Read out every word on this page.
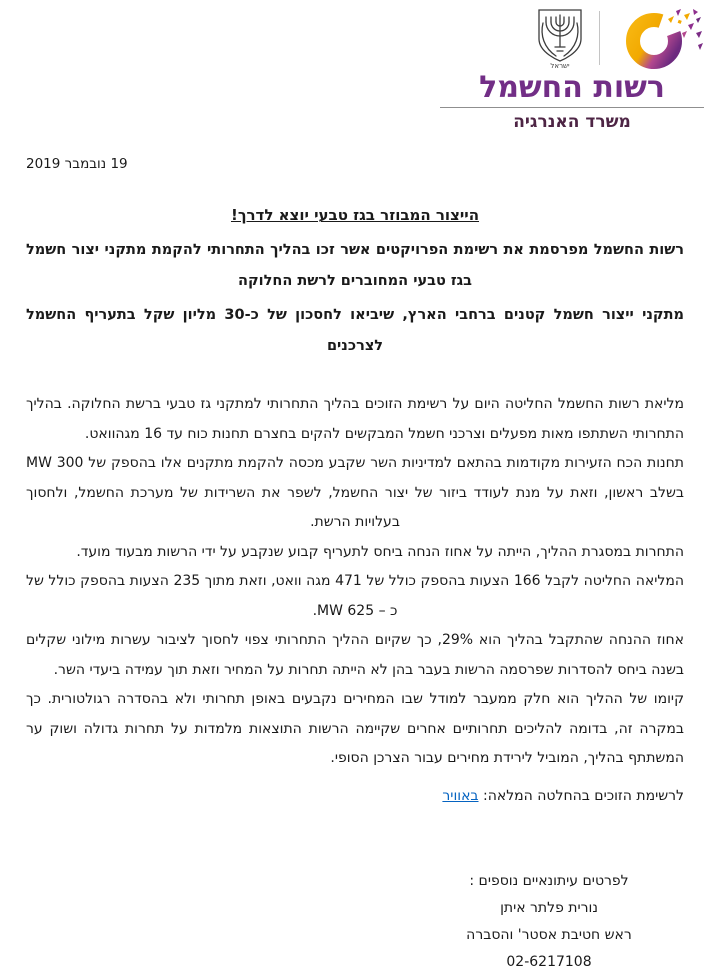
ישראל
רשות החשמל
משרד האנרגיה
19 נובמבר 2019
הייצור המבוזר בגז טבעי יוצא לדרך!

רשות החשמל מפרסמת את רשימת הפרויקטים אשר זכו בהליך התחרותי להקמת מתקני יצור חשמל בגז טבעי המחוברים לרשת החלוקה

מתקני ייצור חשמל קטנים ברחבי הארץ, שיביאו לחסכון של כ-30 מליון שקל בתעריף החשמל לצרכנים

מליאת רשות החשמל החליטה היום על רשימת הזוכים בהליך התחרותי למתקני גז טבעי ברשת החלוקה. בהליך התחרותי השתתפו מאות מפעלים וצרכני חשמל המבקשים להקים בחצרם תחנות כוח עד 16 מגהוואט.

תחנות הכח הזעירות מקודמות בהתאם למדיניות השר שקבע מכסה להקמת מתקנים אלו בהספק של 300 MW בשלב ראשון, וזאת על מנת לעודד ביזור של יצור החשמל, לשפר את השרידות של מערכת החשמל, ולחסוך בעלויות הרשת.

התחרות במסגרת ההליך, הייתה על אחוז הנחה ביחס לתעריף קבוע שנקבע על ידי הרשות מבעוד מועד.

המליאה החליטה לקבל 166 הצעות בהספק כולל של 471 מגה וואט, וזאת מתוך 235 הצעות בהספק כולל של כ – 625 MW.

אחוז ההנחה שהתקבל בהליך הוא 29%, כך שקיום ההליך התחרותי צפוי לחסוך לציבור עשרות מילוני שקלים בשנה ביחס להסדרות שפרסמה הרשות בעבר בהן לא הייתה תחרות על המחיר וזאת תוך עמידה ביעדי השר.

קיומו של ההליך הוא חלק ממעבר למודל שבו המחירים נקבעים באופן תחרותי ולא בהסדרה רגולטורית. כך במקרה זה, בדומה להליכים תחרותיים אחרים שקיימה הרשות התוצאות מלמדות על תחרות גדולה ושוק ער המשתתף בהליך, המוביל לירידת מחירים עבור הצרכן הסופי.

לרשימת הזוכים בהחלטה המלאה: באוויר
לפרטים עיתונאיים נוספים :
נורית פלתר איתן
ראש חטיבת אסטר' והסברה
02-6217108
